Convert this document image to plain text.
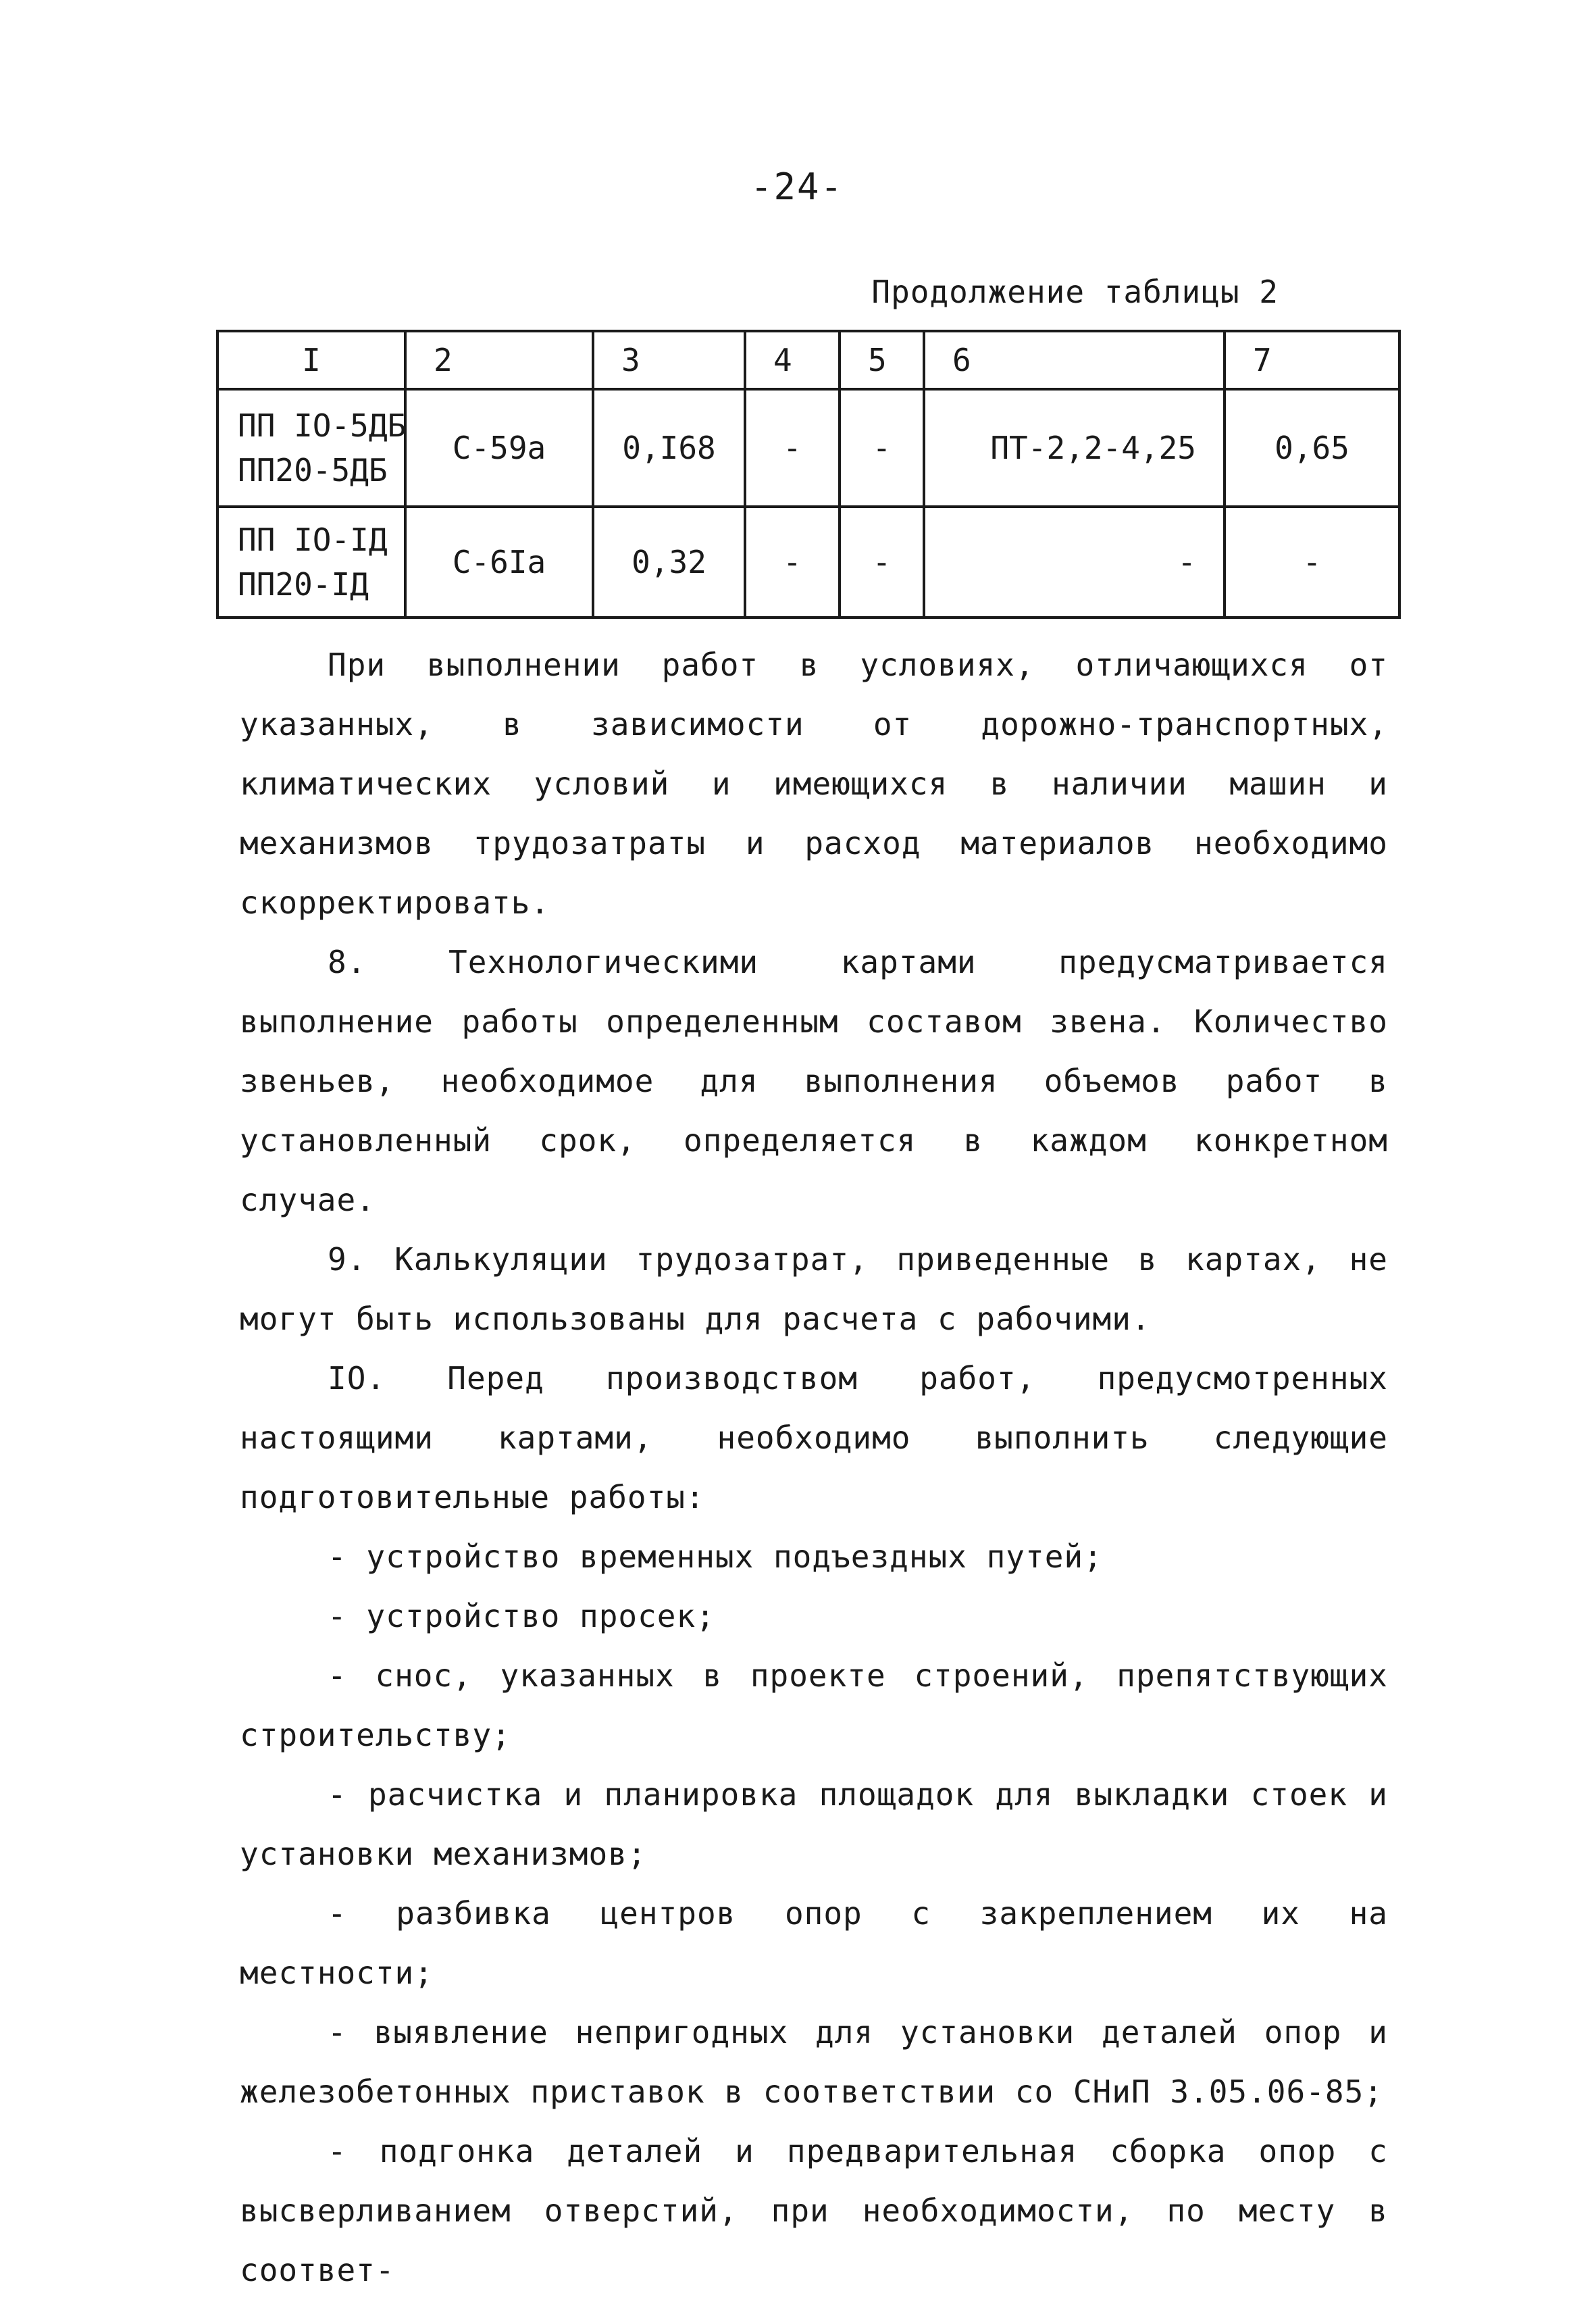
-24-
Продолжение таблицы 2
I	2	3	4	5	6	7

ПП IO-5ДБ
ПП20-5ДБ	С-59а	0,I68	-	-	ПТ-2,2-4,25	0,65

ПП IO-IД
ПП20-IД	С-6Iа	0,32	-	-	-	-

При выполнении работ в условиях, отличающихся от указанных, в зависимости от дорожно-транспортных, климатических условий и имеющихся в наличии машин и механизмов трудозатраты и расход материалов необходимо скорректировать.

8. Технологическими картами предусматривается выполнение работы определенным составом звена. Количество звеньев, необходимое для выполнения объемов работ в установленный срок, определяется в каждом конкретном случае.

9. Калькуляции трудозатрат, приведенные в картах, не могут быть использованы для расчета с рабочими.

IO. Перед производством работ, предусмотренных настоящими картами, необходимо выполнить следующие подготовительные работы:

- устройство временных подъездных путей;

- устройство просек;

- снос, указанных в проекте строений, препятствующих строительству;

- расчистка и планировка площадок для выкладки стоек и установки механизмов;

- разбивка центров опор с закреплением их на местности;

- выявление непригодных для установки деталей опор и железобетонных приставок в соответствии со СНиП 3.05.06-85;

- подгонка деталей и предварительная сборка опор с высверливанием отверстий, при необходимости, по месту в соответ-
